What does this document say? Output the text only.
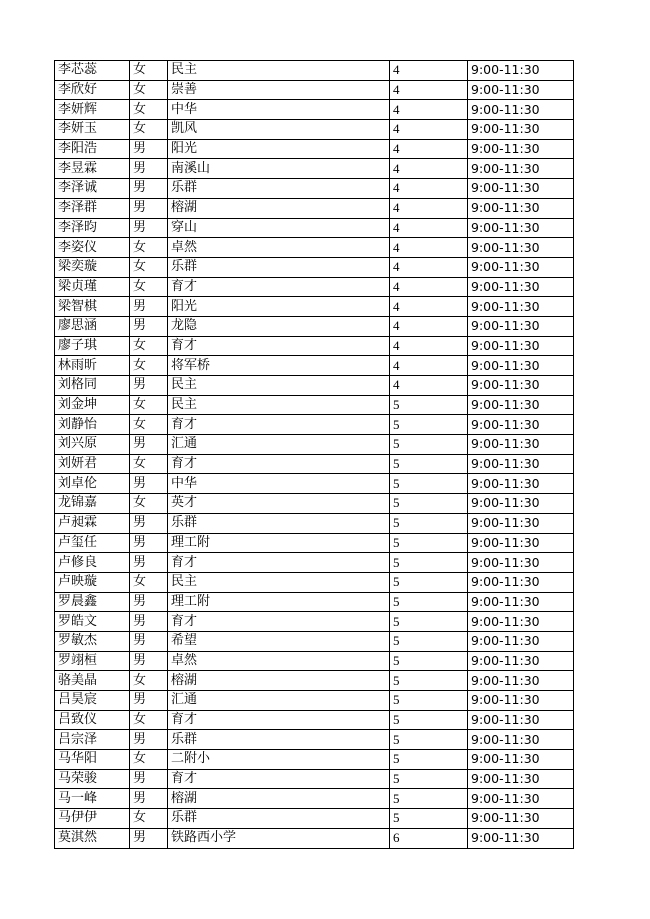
李芯蕊	女	民主	4	9:00-11:30
李欣好	女	崇善	4	9:00-11:30
李妍辉	女	中华	4	9:00-11:30
李妍玉	女	凯风	4	9:00-11:30
李阳浩	男	阳光	4	9:00-11:30
李昱霖	男	南溪山	4	9:00-11:30
李泽诚	男	乐群	4	9:00-11:30
李泽群	男	榕湖	4	9:00-11:30
李泽昀	男	穿山	4	9:00-11:30
李姿仪	女	卓然	4	9:00-11:30
梁奕璇	女	乐群	4	9:00-11:30
梁贞瑾	女	育才	4	9:00-11:30
梁智棋	男	阳光	4	9:00-11:30
廖思涵	男	龙隐	4	9:00-11:30
廖子琪	女	育才	4	9:00-11:30
林雨昕	女	将军桥	4	9:00-11:30
刘格同	男	民主	4	9:00-11:30
刘金坤	女	民主	5	9:00-11:30
刘静怡	女	育才	5	9:00-11:30
刘兴原	男	汇通	5	9:00-11:30
刘妍君	女	育才	5	9:00-11:30
刘卓伦	男	中华	5	9:00-11:30
龙锦嘉	女	英才	5	9:00-11:30
卢昶霖	男	乐群	5	9:00-11:30
卢玺任	男	理工附	5	9:00-11:30
卢修良	男	育才	5	9:00-11:30
卢映璇	女	民主	5	9:00-11:30
罗晨鑫	男	理工附	5	9:00-11:30
罗皓文	男	育才	5	9:00-11:30
罗敏杰	男	希望	5	9:00-11:30
罗翊桓	男	卓然	5	9:00-11:30
骆美晶	女	榕湖	5	9:00-11:30
吕昊宸	男	汇通	5	9:00-11:30
吕致仪	女	育才	5	9:00-11:30
吕宗泽	男	乐群	5	9:00-11:30
马华阳	女	二附小	5	9:00-11:30
马荣骏	男	育才	5	9:00-11:30
马一峰	男	榕湖	5	9:00-11:30
马伊伊	女	乐群	5	9:00-11:30
莫淇然	男	铁路西小学	6	9:00-11:30
